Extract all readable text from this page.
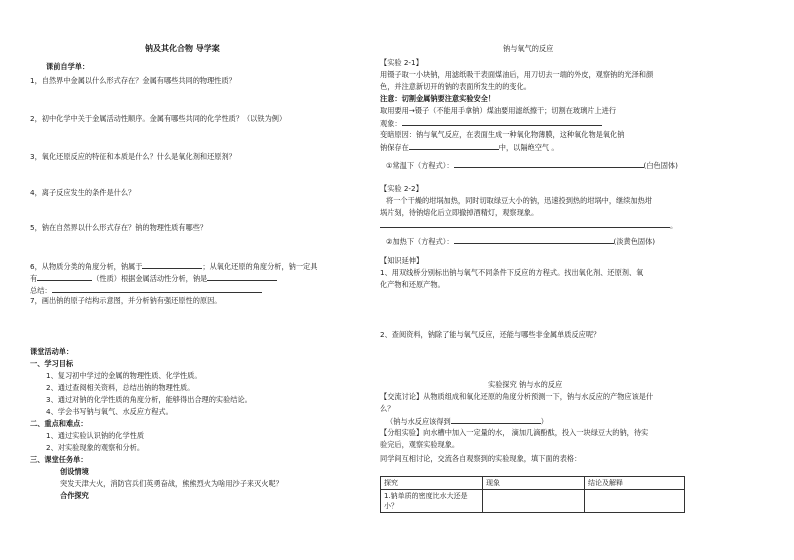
钠及其化合物 导学案
课前自学单：
1，自然界中金属以什么形式存在？金属有哪些共同的物理性质？
2，初中化学中关于金属活动性顺序。金属有哪些共同的化学性质？（以铁为例）
3，氧化还原反应的特征和本质是什么？什么是氧化剂和还原剂？
4，离子反应发生的条件是什么？
5，钠在自然界以什么形式存在？钠的物理性质有哪些？
6，从物质分类的角度分析，钠属于	；从氧化还原的角度分析，钠一定具
有	（性质）根据金属活动性分析，钠是
总结：
7，画出钠的原子结构示意图，并分析钠有强还原性的原因。
课堂活动单：
一、学习目标
1、复习初中学过的金属的物理性质、化学性质。
2、通过查阅相关资料，总结出钠的物理性质。
3、通过对钠的化学性质的角度分析，能够得出合理的实验结论。
4、学会书写钠与氧气、水反应方程式。
二、重点和难点：
1、通过实验认识钠的化学性质
2、对实验现象的观察和分析。
三、课堂任务单：
创设情境
突发天津大火，消防官兵们英勇奋战，熊熊烈火为啥用沙子来灭火呢？
合作探究
钠与氧气的反应
【实验 2-1】
用镊子取一小块钠，用滤纸吸干表面煤油后，用刀切去一端的外皮，观察钠的光泽和颜
色，并注意新切开的钠的表面所发生的的变化。
注意：切割金属钠要注意实验安全！
取用要用→镊子（不能用手拿钠）煤油要用滤纸擦干；切割在玻璃片上进行
观象：
变暗原因：钠与氧气反应，在表面生成一种氧化物薄膜，这种氧化物是氧化钠
钠保存在	中，以隔绝空气 。
①常温下（方程式）：	(白色固体)
【实验 2-2】
将一个干燥的坩埚加热，同时切取绿豆大小的钠，迅速投到热的坩埚中，继续加热坩
埚片刻，待钠熔化后立即撤掉酒精灯，观察现象。
。
②加热下（方程式）：	(淡黄色固体)
【知识延伸】
1、用双线桥分别标出钠与氧气不同条件下反应的方程式。找出氧化剂、还原剂、氧
化产物和还原产物。
2、查阅资料，钠除了能与氧气反应，还能与哪些非金属单质反应呢？
实验探究 钠与水的反应
【交流讨论】从物质组成和氧化还原的角度分析预测一下，钠与水反应的产物应该是什
么？
（钠与水反应该得到	）
【分组实验】向水槽中加入一定量的水， 滴加几滴酚酞，投入一块绿豆大的钠，待实
验完后，观察实验现象。
同学间互相讨论，交流各自观察到的实验现象，填下面的表格：
探究	现象	结论及解释
1.钠单质的密度比水大还是小？		
